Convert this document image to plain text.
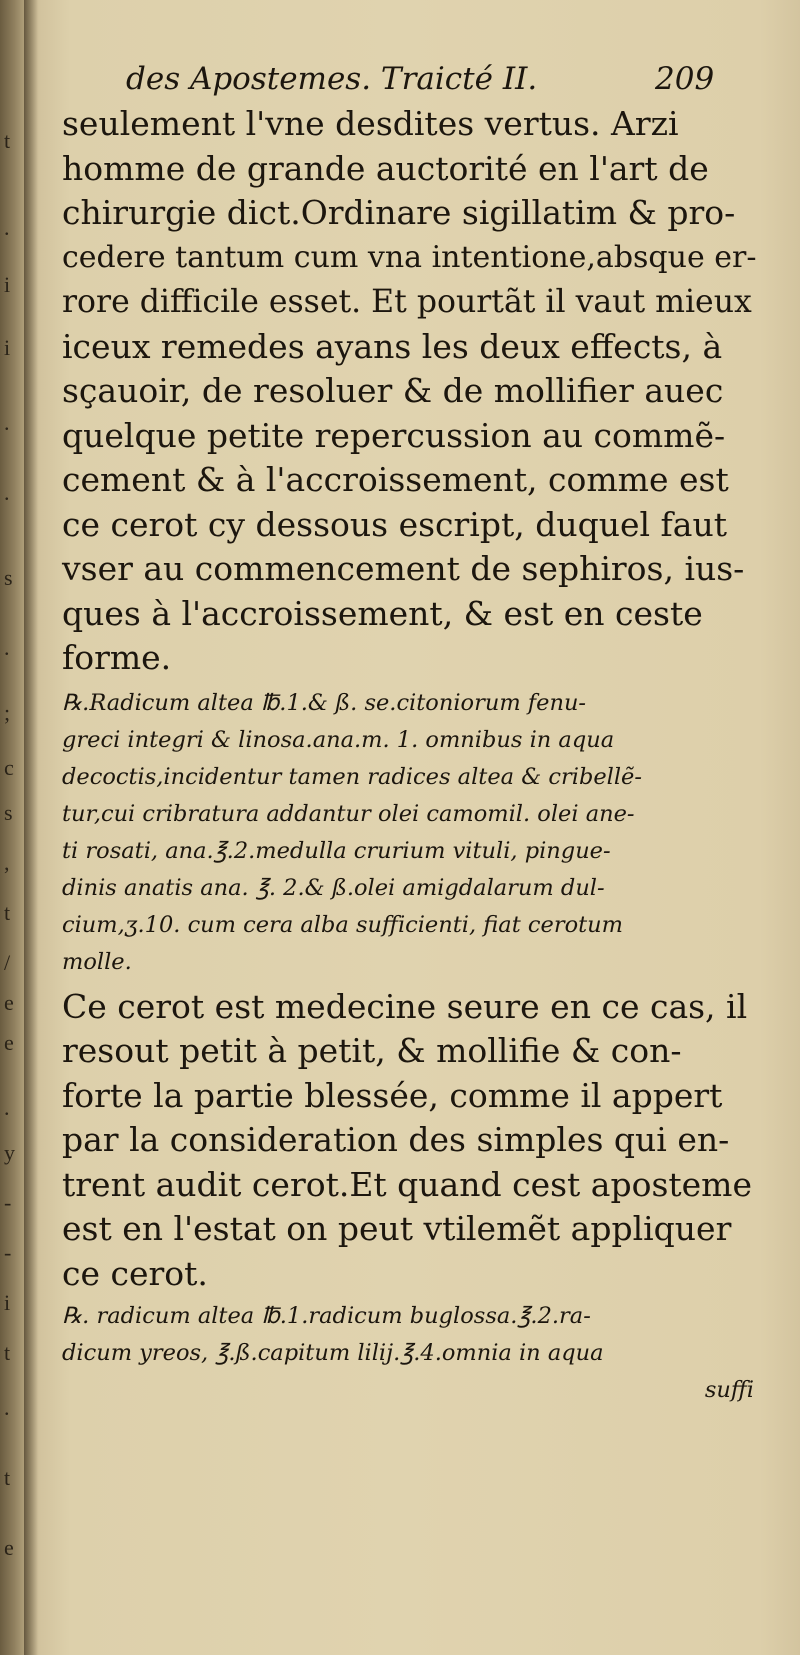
t
.
i
i
.
.
s
.
;
c
s
,
t
/
e
e
.
y
-
-
i
t
.
t
e
des Apostemes. Traicté II.	209
seulement l'vne desdites vertus. Arzi
homme de grande auctorité en l'art de
chirurgie dict.Ordinare sigillatim & pro-
cedere tantum cum vna intentione,absque er-
rore difficile esset. Et pourtãt il vaut mieux
iceux remedes ayans les deux effects, à
sçauoir, de resoluer & de mollifier auec
quelque petite repercussion au commẽ-
cement & à l'accroissement, comme est
ce cerot cy dessous escript, duquel faut
vser au commencement de sephiros, ius-
ques à l'accroissement, & est en ceste
forme.
℞.Radicum altea ℔.1.& ß. se.citoniorum fenu-
greci integri & linosa.ana.m. 1. omnibus in aqua
decoctis,incidentur tamen radices altea & cribellẽ-
tur,cui cribratura addantur olei camomil. olei ane-
ti rosati, ana.℥.2.medulla crurium vituli, pingue-
dinis anatis ana. ℥. 2.& ß.olei amigdalarum dul-
cium,ʒ.10. cum cera alba sufficienti, fiat cerotum
molle.
Ce cerot est medecine seure en ce cas, il
resout petit à petit, & mollifie & con-
forte la partie blessée, comme il appert
par la consideration des simples qui en-
trent audit cerot.Et quand cest aposteme
est en l'estat on peut vtilemẽt appliquer
ce cerot.
℞. radicum altea ℔.1.radicum buglossa.℥.2.ra-
dicum yreos, ℥.ß.capitum lilij.℥.4.omnia in aqua
suffi
